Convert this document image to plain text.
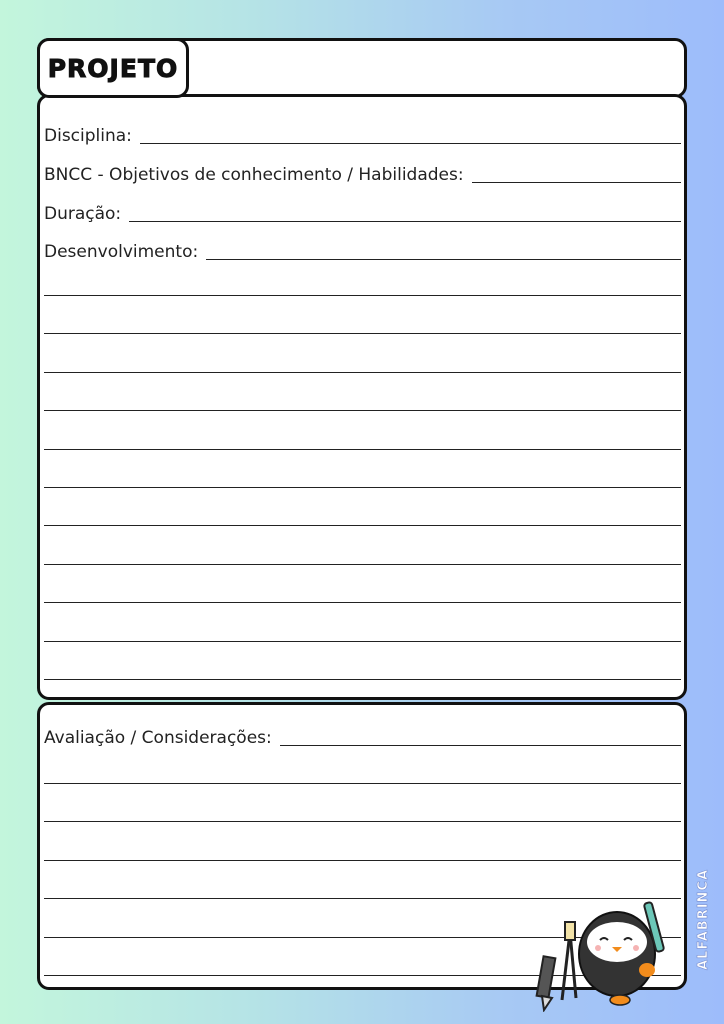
PROJETO
Disciplina:
BNCC - Objetivos de conhecimento / Habilidades:
Duração:
Desenvolvimento:
Avaliação / Considerações:
ALFABRINCA
